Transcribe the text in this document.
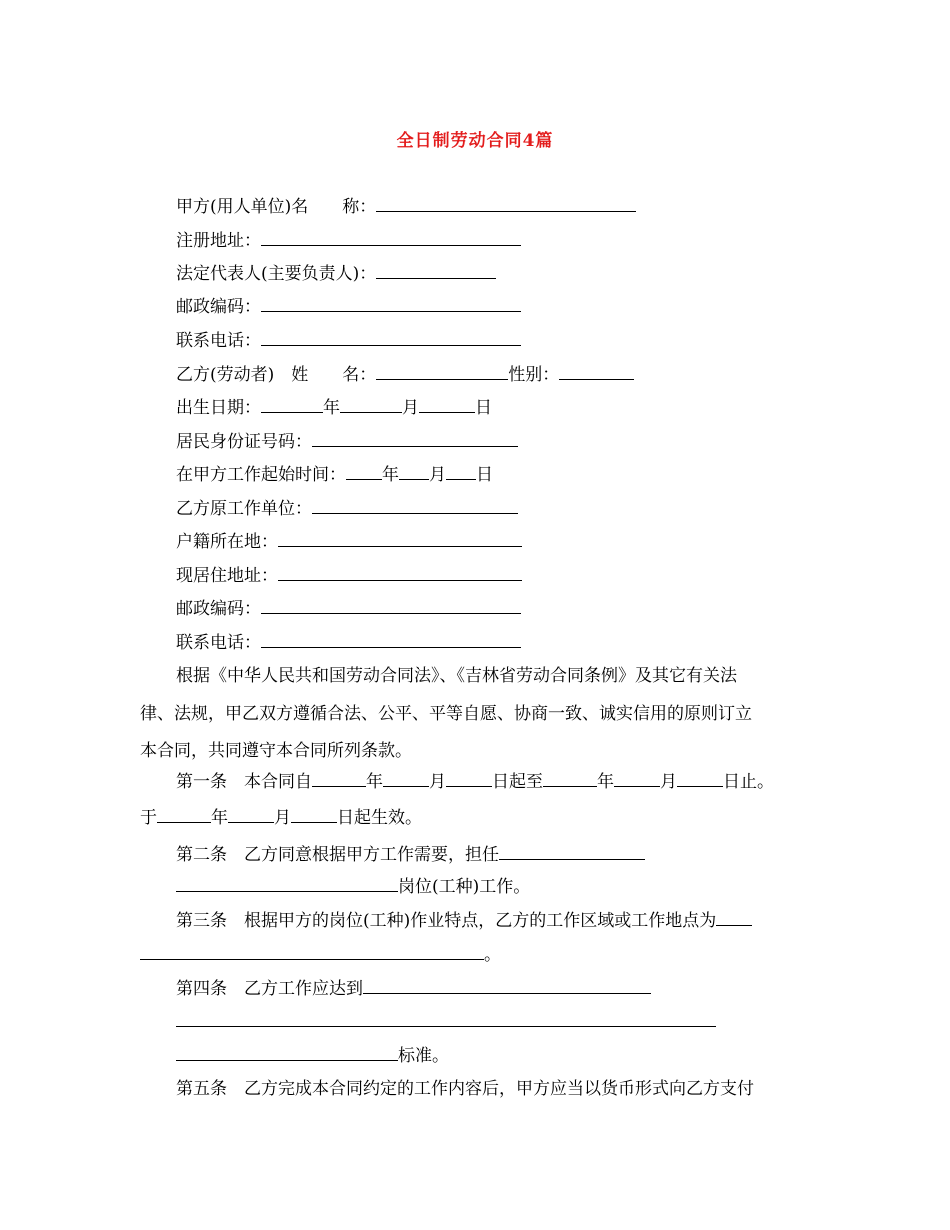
全日制劳动合同4篇
甲方(用人单位)名　　称：
注册地址：
法定代表人(主要负责人)：
邮政编码：
联系电话：
乙方(劳动者)　姓　　名：	性别：
出生日期：	年	月	日
居民身份证号码：
在甲方工作起始时间： 年 月 日
乙方原工作单位：
户籍所在地：
现居住地址：
邮政编码：
联系电话：
根据《中华人民共和国劳动合同法》、《吉林省劳动合同条例》及其它有关法
律、法规，甲乙双方遵循合法、公平、平等自愿、协商一致、诚实信用的原则订立
本合同，共同遵守本合同所列条款。
第一条　本合同自	年	月	日起至	年	月	日止。
于	年	月	日起生效。
第二条　乙方同意根据甲方工作需要，担任
岗位(工种)工作。
第三条　根据甲方的岗位(工种)作业特点，乙方的工作区域或工作地点为
。
第四条　乙方工作应达到
标准。
第五条　乙方完成本合同约定的工作内容后，甲方应当以货币形式向乙方支付
